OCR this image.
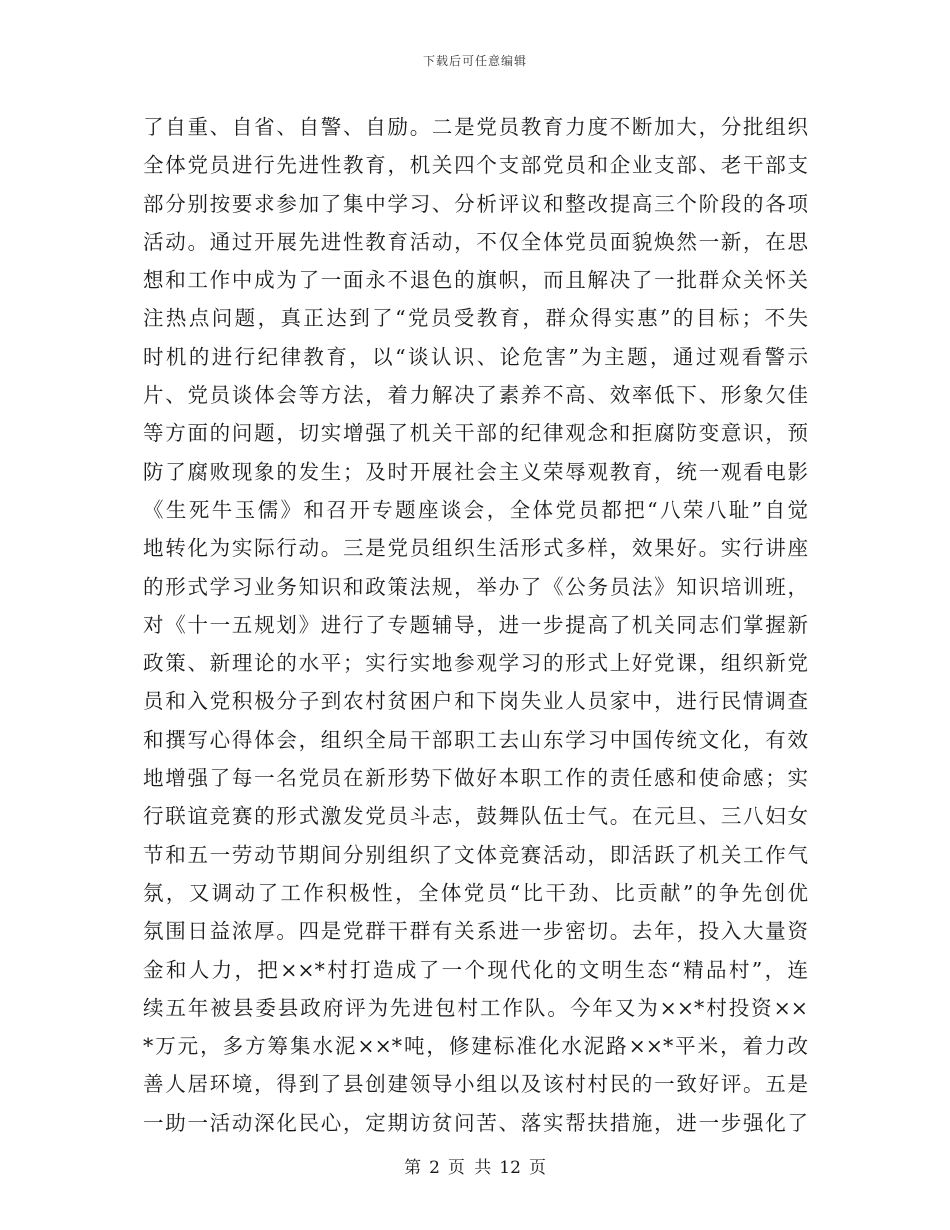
下载后可任意编辑
了自重、自省、自警、自励。二是党员教育力度不断加大，分批组织
全体党员进行先进性教育，机关四个支部党员和企业支部、老干部支
部分别按要求参加了集中学习、分析评议和整改提高三个阶段的各项
活动。通过开展先进性教育活动，不仅全体党员面貌焕然一新，在思
想和工作中成为了一面永不退色的旗帜，而且解决了一批群众关怀关
注热点问题，真正达到了“党员受教育，群众得实惠”的目标；不失
时机的进行纪律教育，以“谈认识、论危害”为主题，通过观看警示
片、党员谈体会等方法，着力解决了素养不高、效率低下、形象欠佳
等方面的问题，切实增强了机关干部的纪律观念和拒腐防变意识，预
防了腐败现象的发生；及时开展社会主义荣辱观教育，统一观看电影
《生死牛玉儒》和召开专题座谈会，全体党员都把“八荣八耻”自觉
地转化为实际行动。三是党员组织生活形式多样，效果好。实行讲座
的形式学习业务知识和政策法规，举办了《公务员法》知识培训班，
对《十一五规划》进行了专题辅导，进一步提高了机关同志们掌握新
政策、新理论的水平；实行实地参观学习的形式上好党课，组织新党
员和入党积极分子到农村贫困户和下岗失业人员家中，进行民情调查
和撰写心得体会，组织全局干部职工去山东学习中国传统文化，有效
地增强了每一名党员在新形势下做好本职工作的责任感和使命感；实
行联谊竞赛的形式激发党员斗志，鼓舞队伍士气。在元旦、三八妇女
节和五一劳动节期间分别组织了文体竞赛活动，即活跃了机关工作气
氛，又调动了工作积极性，全体党员“比干劲、比贡献”的争先创优
氛围日益浓厚。四是党群干群有关系进一步密切。去年，投入大量资
金和人力，把××*村打造成了一个现代化的文明生态“精品村”，连
续五年被县委县政府评为先进包村工作队。今年又为××*村投资××
*万元，多方筹集水泥××*吨，修建标准化水泥路××*平米，着力改
善人居环境，得到了县创建领导小组以及该村村民的一致好评。五是
一助一活动深化民心，定期访贫问苦、落实帮扶措施，进一步强化了
第 2 页 共 12 页
